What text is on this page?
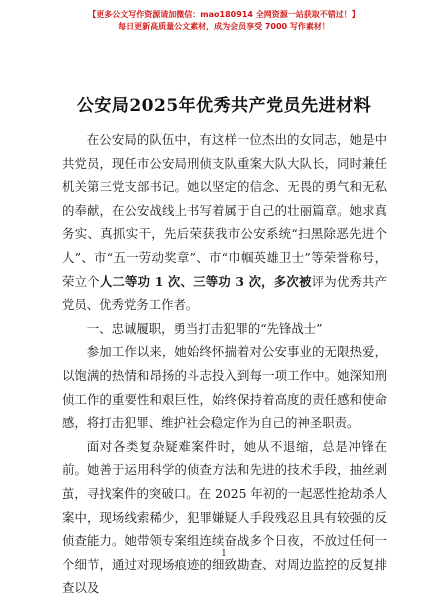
【更多公文写作资源请加微信：mao180914 全网资源一站获取不错过！】
每日更新高质量公文素材，成为会员享受 7000 写作素材！
公安局2025年优秀共产党员先进材料

在公安局的队伍中，有这样一位杰出的女同志，她是中共党员，现任市公安局刑侦支队重案大队大队长，同时兼任机关第三党支部书记。她以坚定的信念、无畏的勇气和无私的奉献，在公安战线上书写着属于自己的壮丽篇章。她求真务实、真抓实干，先后荣获我市公安系统“扫黑除恶先进个人”、市“五一劳动奖章”、市“巾帼英雄卫士”等荣誉称号，荣立个人二等功 1 次、三等功 3 次，多次被评为优秀共产党员、优秀党务工作者。

一、忠诚履职，勇当打击犯罪的“先锋战士”

参加工作以来，她始终怀揣着对公安事业的无限热爱，以饱满的热情和昂扬的斗志投入到每一项工作中。她深知刑侦工作的重要性和艰巨性，始终保持着高度的责任感和使命感，将打击犯罪、维护社会稳定作为自己的神圣职责。

面对各类复杂疑难案件时，她从不退缩，总是冲锋在前。她善于运用科学的侦查方法和先进的技术手段，抽丝剥茧，寻找案件的突破口。在 2025 年初的一起恶性抢劫杀人案中，现场线索稀少，犯罪嫌疑人手段残忍且具有较强的反侦查能力。她带领专案组连续奋战多个日夜，不放过任何一个细节，通过对现场痕迹的细致勘查、对周边监控的反复排查以及

1
